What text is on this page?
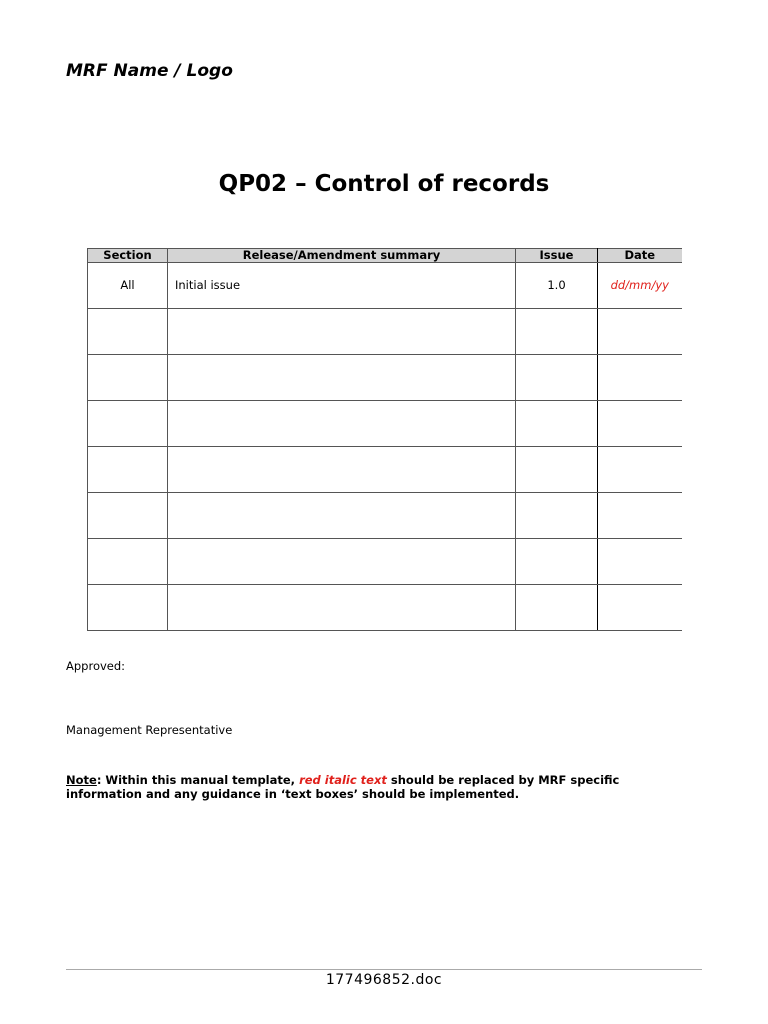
MRF Name / Logo
QP02 – Control of records
Section	Release/Amendment summary	Issue	Date

All	Initial issue	1.0	dd/mm/yy

Approved:
Management Representative
Note: Within this manual template, red italic text should be replaced by MRF specific information and any guidance in ‘text boxes’ should be implemented.
177496852.doc
